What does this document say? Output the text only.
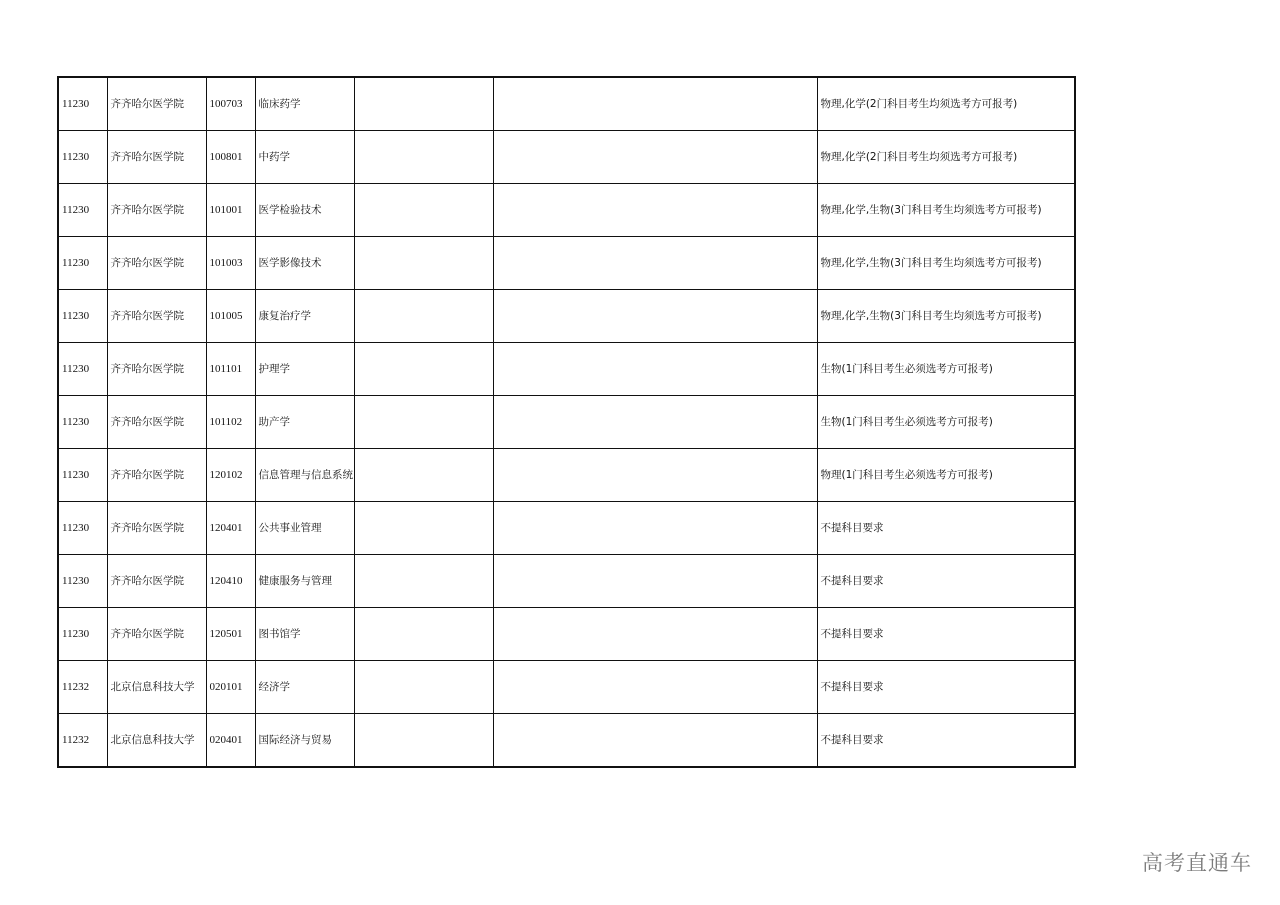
11230	齐齐哈尔医学院	100703	临床药学			物理,化学(2门科目考生均须选考方可报考)
11230	齐齐哈尔医学院	100801	中药学			物理,化学(2门科目考生均须选考方可报考)
11230	齐齐哈尔医学院	101001	医学检验技术			物理,化学,生物(3门科目考生均须选考方可报考)
11230	齐齐哈尔医学院	101003	医学影像技术			物理,化学,生物(3门科目考生均须选考方可报考)
11230	齐齐哈尔医学院	101005	康复治疗学			物理,化学,生物(3门科目考生均须选考方可报考)
11230	齐齐哈尔医学院	101101	护理学			生物(1门科目考生必须选考方可报考)
11230	齐齐哈尔医学院	101102	助产学			生物(1门科目考生必须选考方可报考)
11230	齐齐哈尔医学院	120102	信息管理与信息系统			物理(1门科目考生必须选考方可报考)
11230	齐齐哈尔医学院	120401	公共事业管理			不提科目要求
11230	齐齐哈尔医学院	120410	健康服务与管理			不提科目要求
11230	齐齐哈尔医学院	120501	图书馆学			不提科目要求
11232	北京信息科技大学	020101	经济学			不提科目要求
11232	北京信息科技大学	020401	国际经济与贸易			不提科目要求
高考直通车
